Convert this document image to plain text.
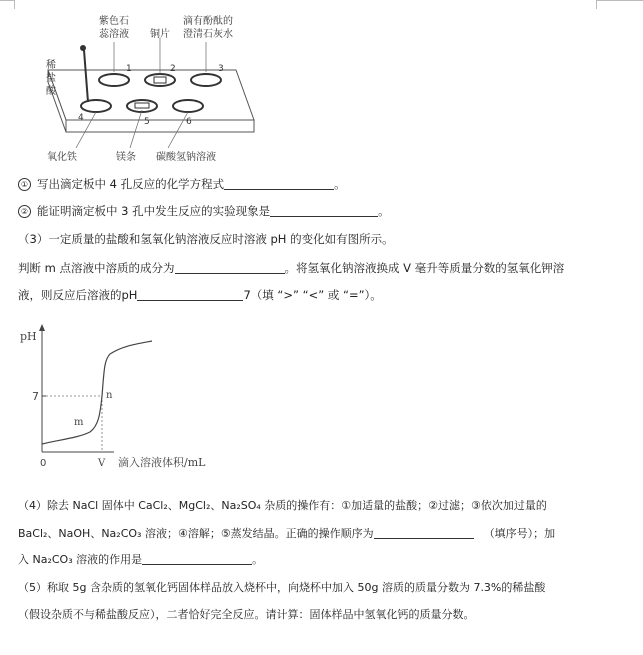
紫色石
蕊溶液 铜片
滴有酚酞的
澄清石灰水
稀
盐
酸
1	2	3
4	5	6
氧化铁	镁条 碳酸氢钠溶液
① 写出滴定板中 4 孔反应的化学方程式	。
② 能证明滴定板中 3 孔中发生反应的实验现象是	。
（3）一定质量的盐酸和氢氧化钠溶液反应时溶液 pH 的变化如有图所示。
判断 m 点溶液中溶质的成分为	。将氢氧化钠溶液换成 V 毫升等质量分数的氢氧化钾溶
液，则反应后溶液的pH	7（填 “>” “<” 或 “=”）。
pH
7
0	V 滴入溶液体积/mL
m
n
（4）除去 NaCl 固体中 CaCl₂、MgCl₂、Na₂SO₄ 杂质的操作有：①加适量的盐酸；②过滤；③依次加过量的
BaCl₂、NaOH、Na₂CO₃ 溶液；④溶解；⑤蒸发结晶。正确的操作顺序为	（填序号）；加
入 Na₂CO₃ 溶液的作用是	。
（5）称取 5g 含杂质的氢氧化钙固体样品放入烧杯中，向烧杯中加入 50g 溶质的质量分数为 7.3%的稀盐酸
（假设杂质不与稀盐酸反应），二者恰好完全反应。请计算：固体样品中氢氧化钙的质量分数。
